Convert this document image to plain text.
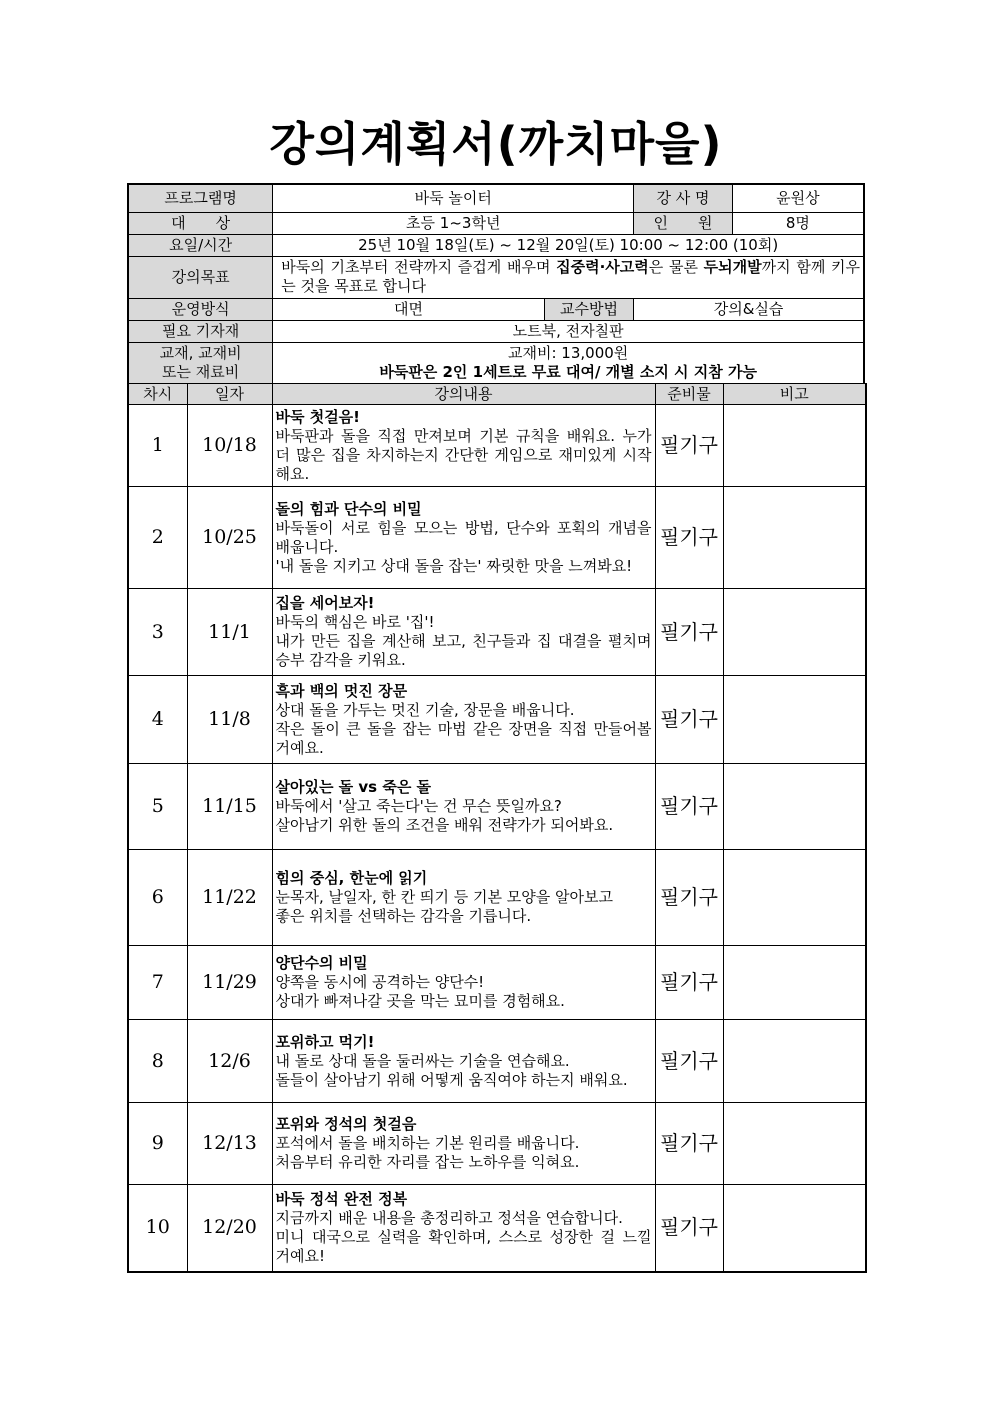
강의계획서(까치마을)
프로그램명	바둑 놀이터		강 사 명	윤원상
대　　상	초등 1~3학년		인　　원	8명
요일/시간	25년 10월 18일(토) ~ 12월 20일(토) 10:00 ~ 12:00 (10회)			
강의목표	바둑의 기초부터 전략까지 즐겁게 배우며 집중력·사고력은 물론 두뇌개발까지 함께 키우는 것을 목표로 합니다			
운영방식	대면	교수방법	강의&실습	
필요 기자재	노트북, 전자칠판			

교재, 교재비
또는 재료비	교재비: 13,000원
바둑판은 2인 1세트로 무료 대여/ 개별 소지 시 지참 가능			
차시	일자	강의내용	준비물	비고
1	10/18	바둑 첫걸음!
바둑판과 돌을 직접 만져보며 기본 규칙을 배워요. 누가 더 많은 집을 차지하는지 간단한 게임으로 재미있게 시작해요.	필기구	
2	10/25	돌의 힘과 단수의 비밀
바둑돌이 서로 힘을 모으는 방법, 단수와 포획의 개념을 배웁니다.
'내 돌을 지키고 상대 돌을 잡는' 짜릿한 맛을 느껴봐요!	필기구	
3	11/1	집을 세어보자!
바둑의 핵심은 바로 '집'!
내가 만든 집을 계산해 보고, 친구들과 집 대결을 펼치며 승부 감각을 키워요.	필기구	
4	11/8	흑과 백의 멋진 장문
상대 돌을 가두는 멋진 기술, 장문을 배웁니다.
작은 돌이 큰 돌을 잡는 마법 같은 장면을 직접 만들어볼 거예요.	필기구	
5	11/15	살아있는 돌 vs 죽은 돌
바둑에서 '살고 죽는다'는 건 무슨 뜻일까요?
살아남기 위한 돌의 조건을 배워 전략가가 되어봐요.	필기구	
6	11/22	힘의 중심, 한눈에 읽기
눈목자, 날일자, 한 칸 띄기 등 기본 모양을 알아보고
좋은 위치를 선택하는 감각을 기릅니다.	필기구	
7	11/29	양단수의 비밀
양쪽을 동시에 공격하는 양단수!
상대가 빠져나갈 곳을 막는 묘미를 경험해요.	필기구	
8	12/6	포위하고 먹기!
내 돌로 상대 돌을 둘러싸는 기술을 연습해요.
돌들이 살아남기 위해 어떻게 움직여야 하는지 배워요.	필기구	
9	12/13	포위와 정석의 첫걸음
포석에서 돌을 배치하는 기본 원리를 배웁니다.
처음부터 유리한 자리를 잡는 노하우를 익혀요.	필기구	
10	12/20	바둑 정석 완전 정복
지금까지 배운 내용을 총정리하고 정석을 연습합니다.
미니 대국으로 실력을 확인하며, 스스로 성장한 걸 느낄 거예요!	필기구	
